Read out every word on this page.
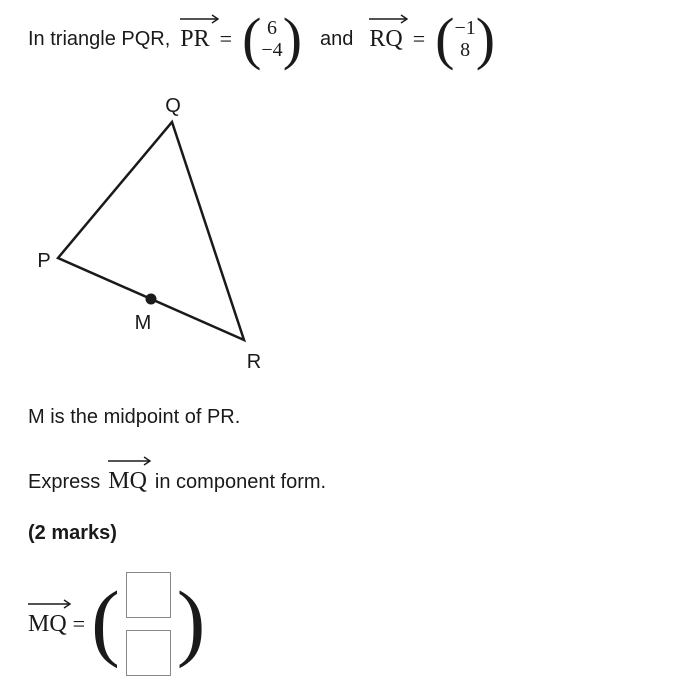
In triangle PQR, PR = ( 6
−4 ) and RQ = ( −1
8 )
Q
P
R
M
M is the midpoint of PR.
Express MQ in component form.
(2 marks)
MQ = ( )
